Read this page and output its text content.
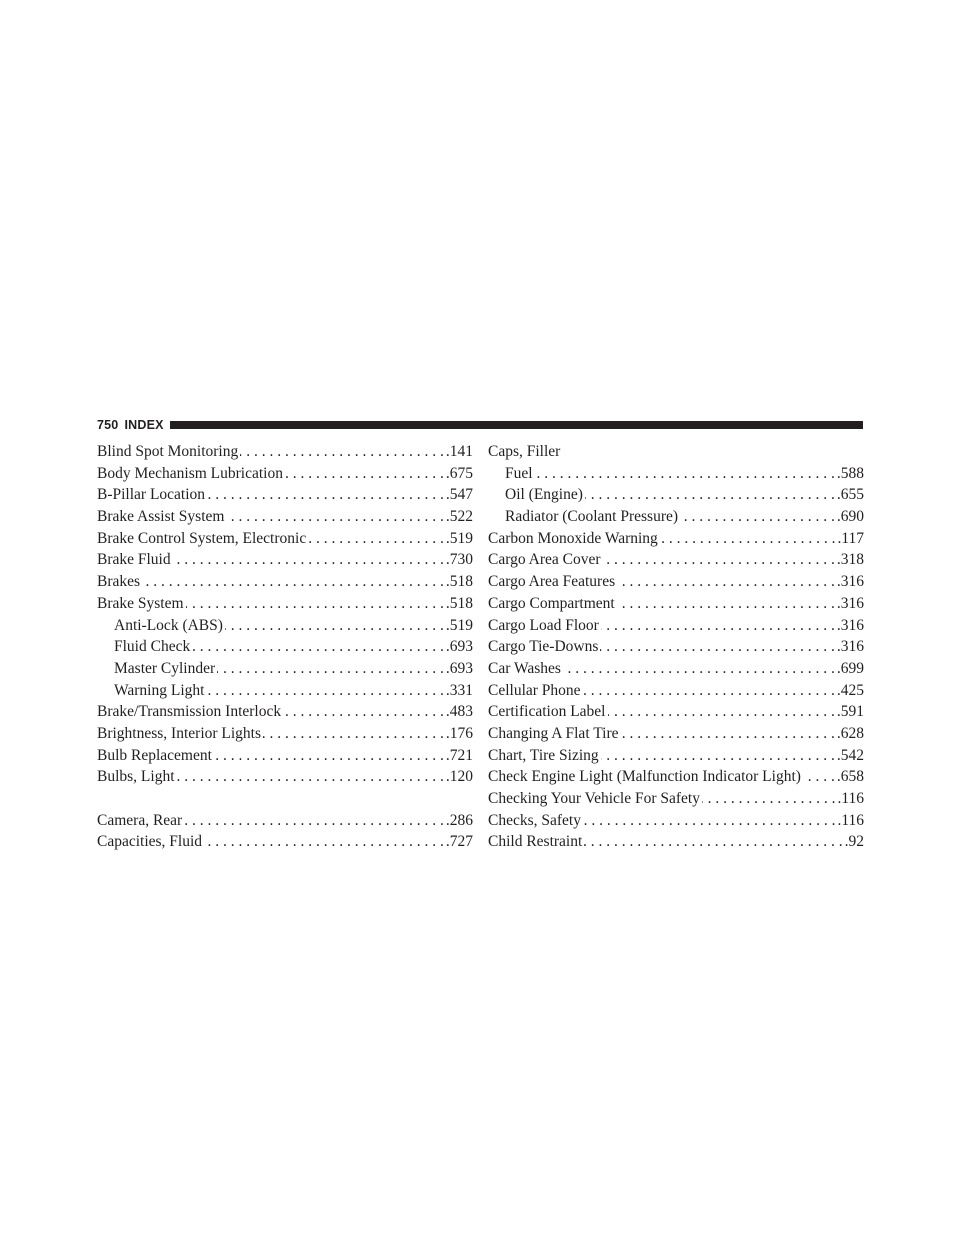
750 INDEX
Blind Spot Monitoring . . .	.141
Body Mechanism Lubrication . . .	.675
B-Pillar Location . . .	.547
Brake Assist System . . .	.522
Brake Control System, Electronic . . .	.519
Brake Fluid . . .	.730
Brakes . . .	.518
Brake System . . .	.518
Anti-Lock (ABS) . . .	.519
Fluid Check . . .	.693
Master Cylinder . . .	.693
Warning Light . . .	.331
Brake/Transmission Interlock . . .	.483
Brightness, Interior Lights . . .	.176
Bulb Replacement . . .	.721
Bulbs, Light . . .	.120
Camera, Rear . . .	.286
Capacities, Fluid . . .	.727
Caps, Filler
Fuel . . .	.588
Oil (Engine) . . .	.655
Radiator (Coolant Pressure) . . .	.690
Carbon Monoxide Warning . . .	.117
Cargo Area Cover . . .	.318
Cargo Area Features . . .	.316
Cargo Compartment . . .	.316
Cargo Load Floor . . .	.316
Cargo Tie-Downs . . .	.316
Car Washes . . .	.699
Cellular Phone . . .	.425
Certification Label . . .	.591
Changing A Flat Tire . . .	.628
Chart, Tire Sizing . . .	.542
Check Engine Light (Malfunction Indicator Light) . . . .658
Checking Your Vehicle For Safety . . .	.116
Checks, Safety . . .	.116
Child Restraint . . .	.92
